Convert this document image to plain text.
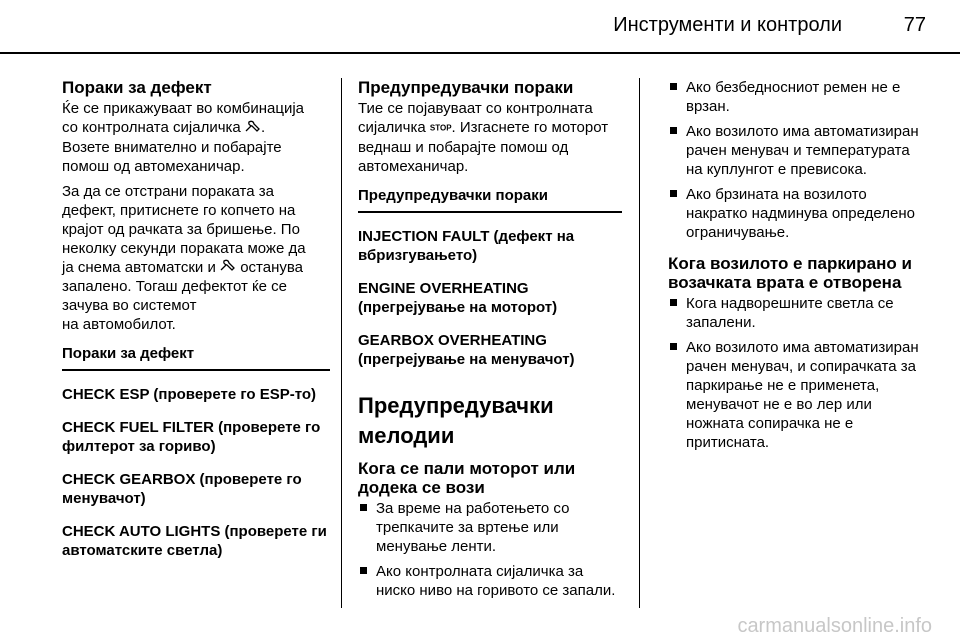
Инструменти и контроли	77
Пораки за дефект
Ќе се прикажуваат во комбинација
со контролната сијаличка .
Возете внимателно и побарајте
помош од автомеханичар.
За да се отстрани пораката за
дефект, притиснете го копчето на
крајот од рачката за бришење. По
неколку секунди пораката може да
ја снема автоматски и останува
запалено. Тогаш дефектот ќе се
зачува во системот
на автомобилот.
Пораки за дефект
CHECK ESP (проверете го ESP-то)
CHECK FUEL FILTER (проверете го филтерот за гориво)
CHECK GEARBOX (проверете го менувачот)
CHECK AUTO LIGHTS (проверете ги автоматските светла)
Предупредувачки пораки
Тие се појавуваат со контролната
сијаличка STOP. Изгаснете го моторот
веднаш и побарајте помош од
автомеханичар.
Предупредувачки пораки
INJECTION FAULT (дефект на вбризгувањето)
ENGINE OVERHEATING (прегрејување на моторот)
GEARBOX OVERHEATING (прегрејување на менувачот)
Предупредувачки мелодии
Кога се пали моторот или додека се вози
За време на работењето со трепкачите за вртење или менување ленти.
Ако контролната сијаличка за ниско ниво на горивото се запали.
Ако безбедносниот ремен не е врзан.
Ако возилото има автоматизиран рачен менувач и температурата на куплунгот е превисока.
Ако брзината на возилото накратко надминува определено ограничување.
Кога возилото е паркирано и возачката врата е отворена
Кога надворешните светла се запалени.
Ако возилото има автоматизиран рачен менувач, и сопирачката за паркирање не е применета, менувачот не е во лер или ножната сопирачка не е притисната.
carmanualsonline.info
